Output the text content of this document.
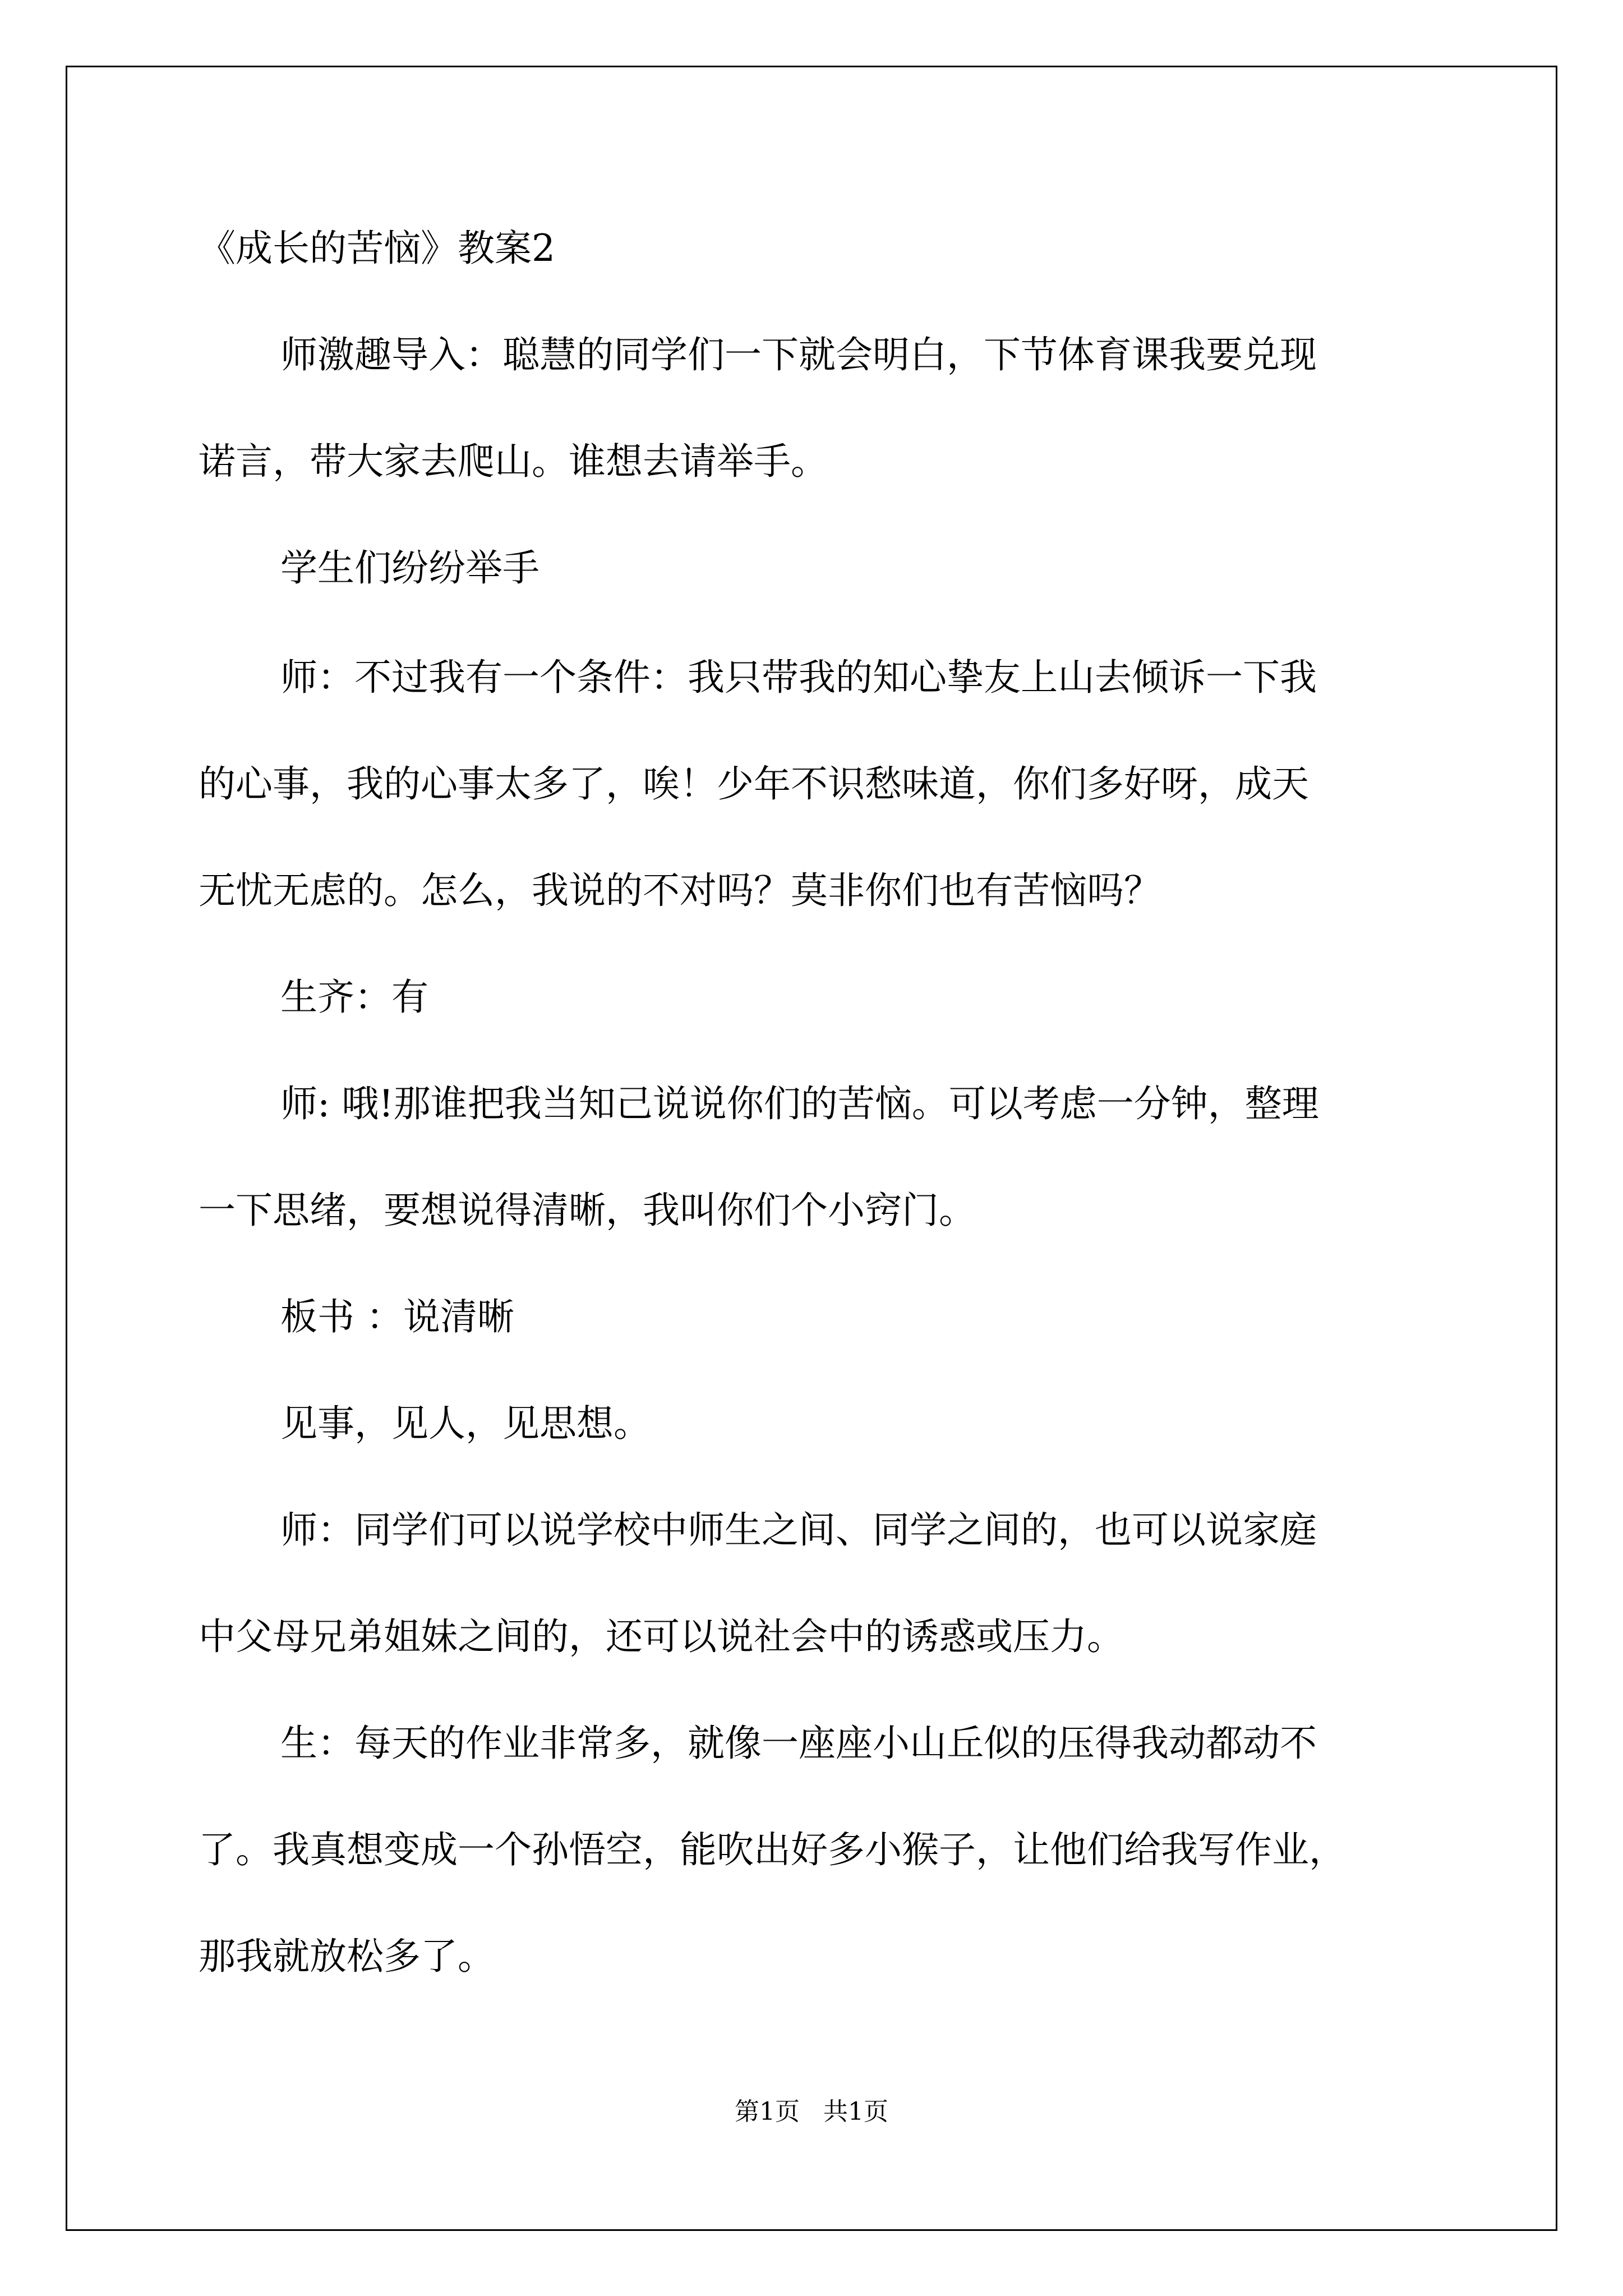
《成长的苦恼》教案2
师激趣导入：聪慧的同学们一下就会明白，下节体育课我要兑现
诺言，带大家去爬山。谁想去请举手。
学生们纷纷举手
师：不过我有一个条件：我只带我的知心挚友上山去倾诉一下我
的心事，我的心事太多了，唉！少年不识愁味道，你们多好呀，成天
无忧无虑的。怎么，我说的不对吗？莫非你们也有苦恼吗？
生齐：有
师: 哦!那谁把我当知己说说你们的苦恼。可以考虑一分钟，整理
一下思绪，要想说得清晰，我叫你们个小窍门。
板书 ：说清晰
见事，见人，见思想。
师：同学们可以说学校中师生之间、同学之间的，也可以说家庭
中父母兄弟姐妹之间的，还可以说社会中的诱惑或压力。
生：每天的作业非常多，就像一座座小山丘似的压得我动都动不
了。我真想变成一个孙悟空，能吹出好多小猴子，让他们给我写作业，
那我就放松多了。
第1页   共1页
